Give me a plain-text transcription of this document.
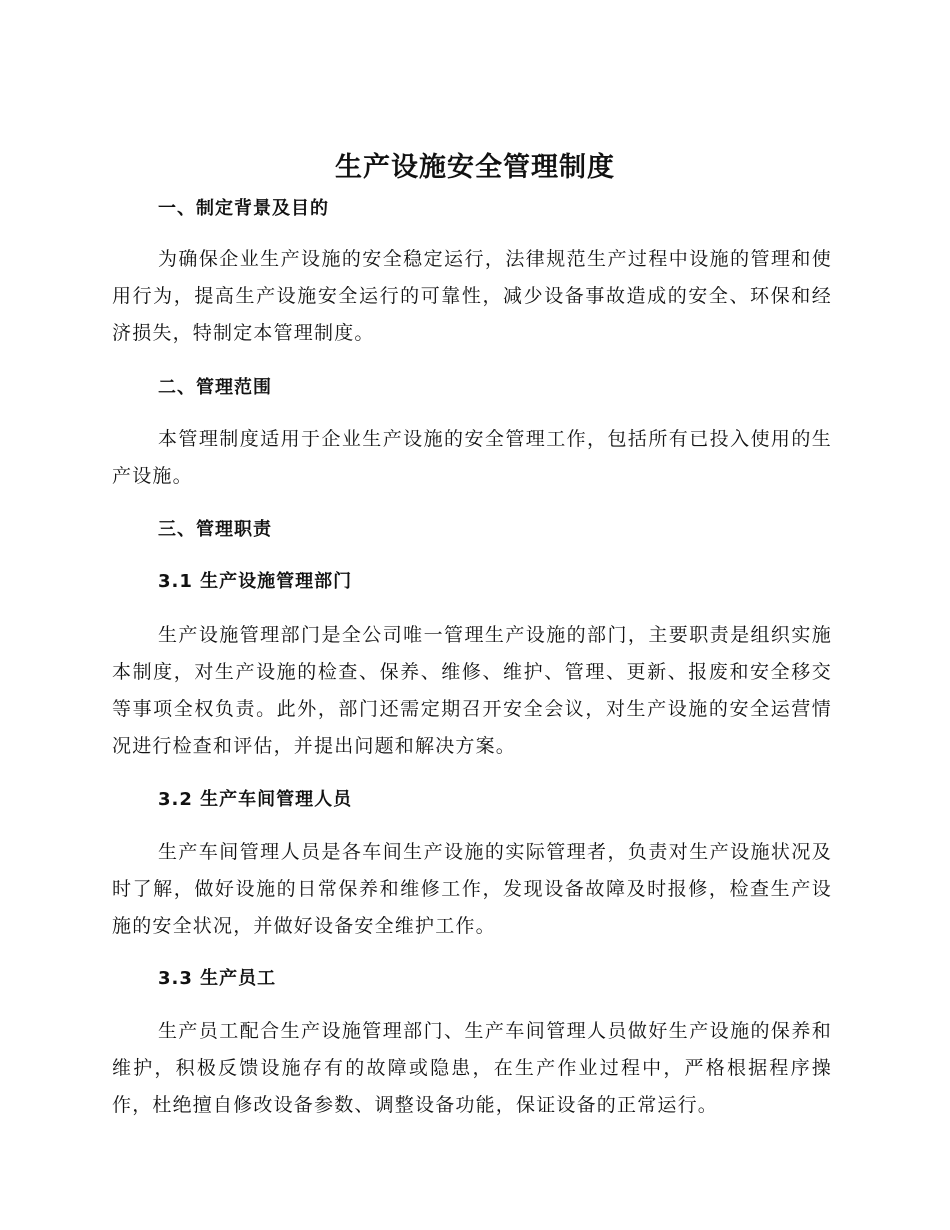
生产设施安全管理制度
一、制定背景及目的
为确保企业生产设施的安全稳定运行，法律规范生产过程中设施的管理和使用行为，提高生产设施安全运行的可靠性，减少设备事故造成的安全、环保和经济损失，特制定本管理制度。
二、管理范围
本管理制度适用于企业生产设施的安全管理工作，包括所有已投入使用的生产设施。
三、管理职责
3.1 生产设施管理部门
生产设施管理部门是全公司唯一管理生产设施的部门，主要职责是组织实施本制度，对生产设施的检查、保养、维修、维护、管理、更新、报废和安全移交等事项全权负责。此外，部门还需定期召开安全会议，对生产设施的安全运营情况进行检查和评估，并提出问题和解决方案。
3.2 生产车间管理人员
生产车间管理人员是各车间生产设施的实际管理者，负责对生产设施状况及时了解，做好设施的日常保养和维修工作，发现设备故障及时报修，检查生产设施的安全状况，并做好设备安全维护工作。
3.3 生产员工
生产员工配合生产设施管理部门、生产车间管理人员做好生产设施的保养和维护，积极反馈设施存有的故障或隐患，在生产作业过程中，严格根据程序操作，杜绝擅自修改设备参数、调整设备功能，保证设备的正常运行。
